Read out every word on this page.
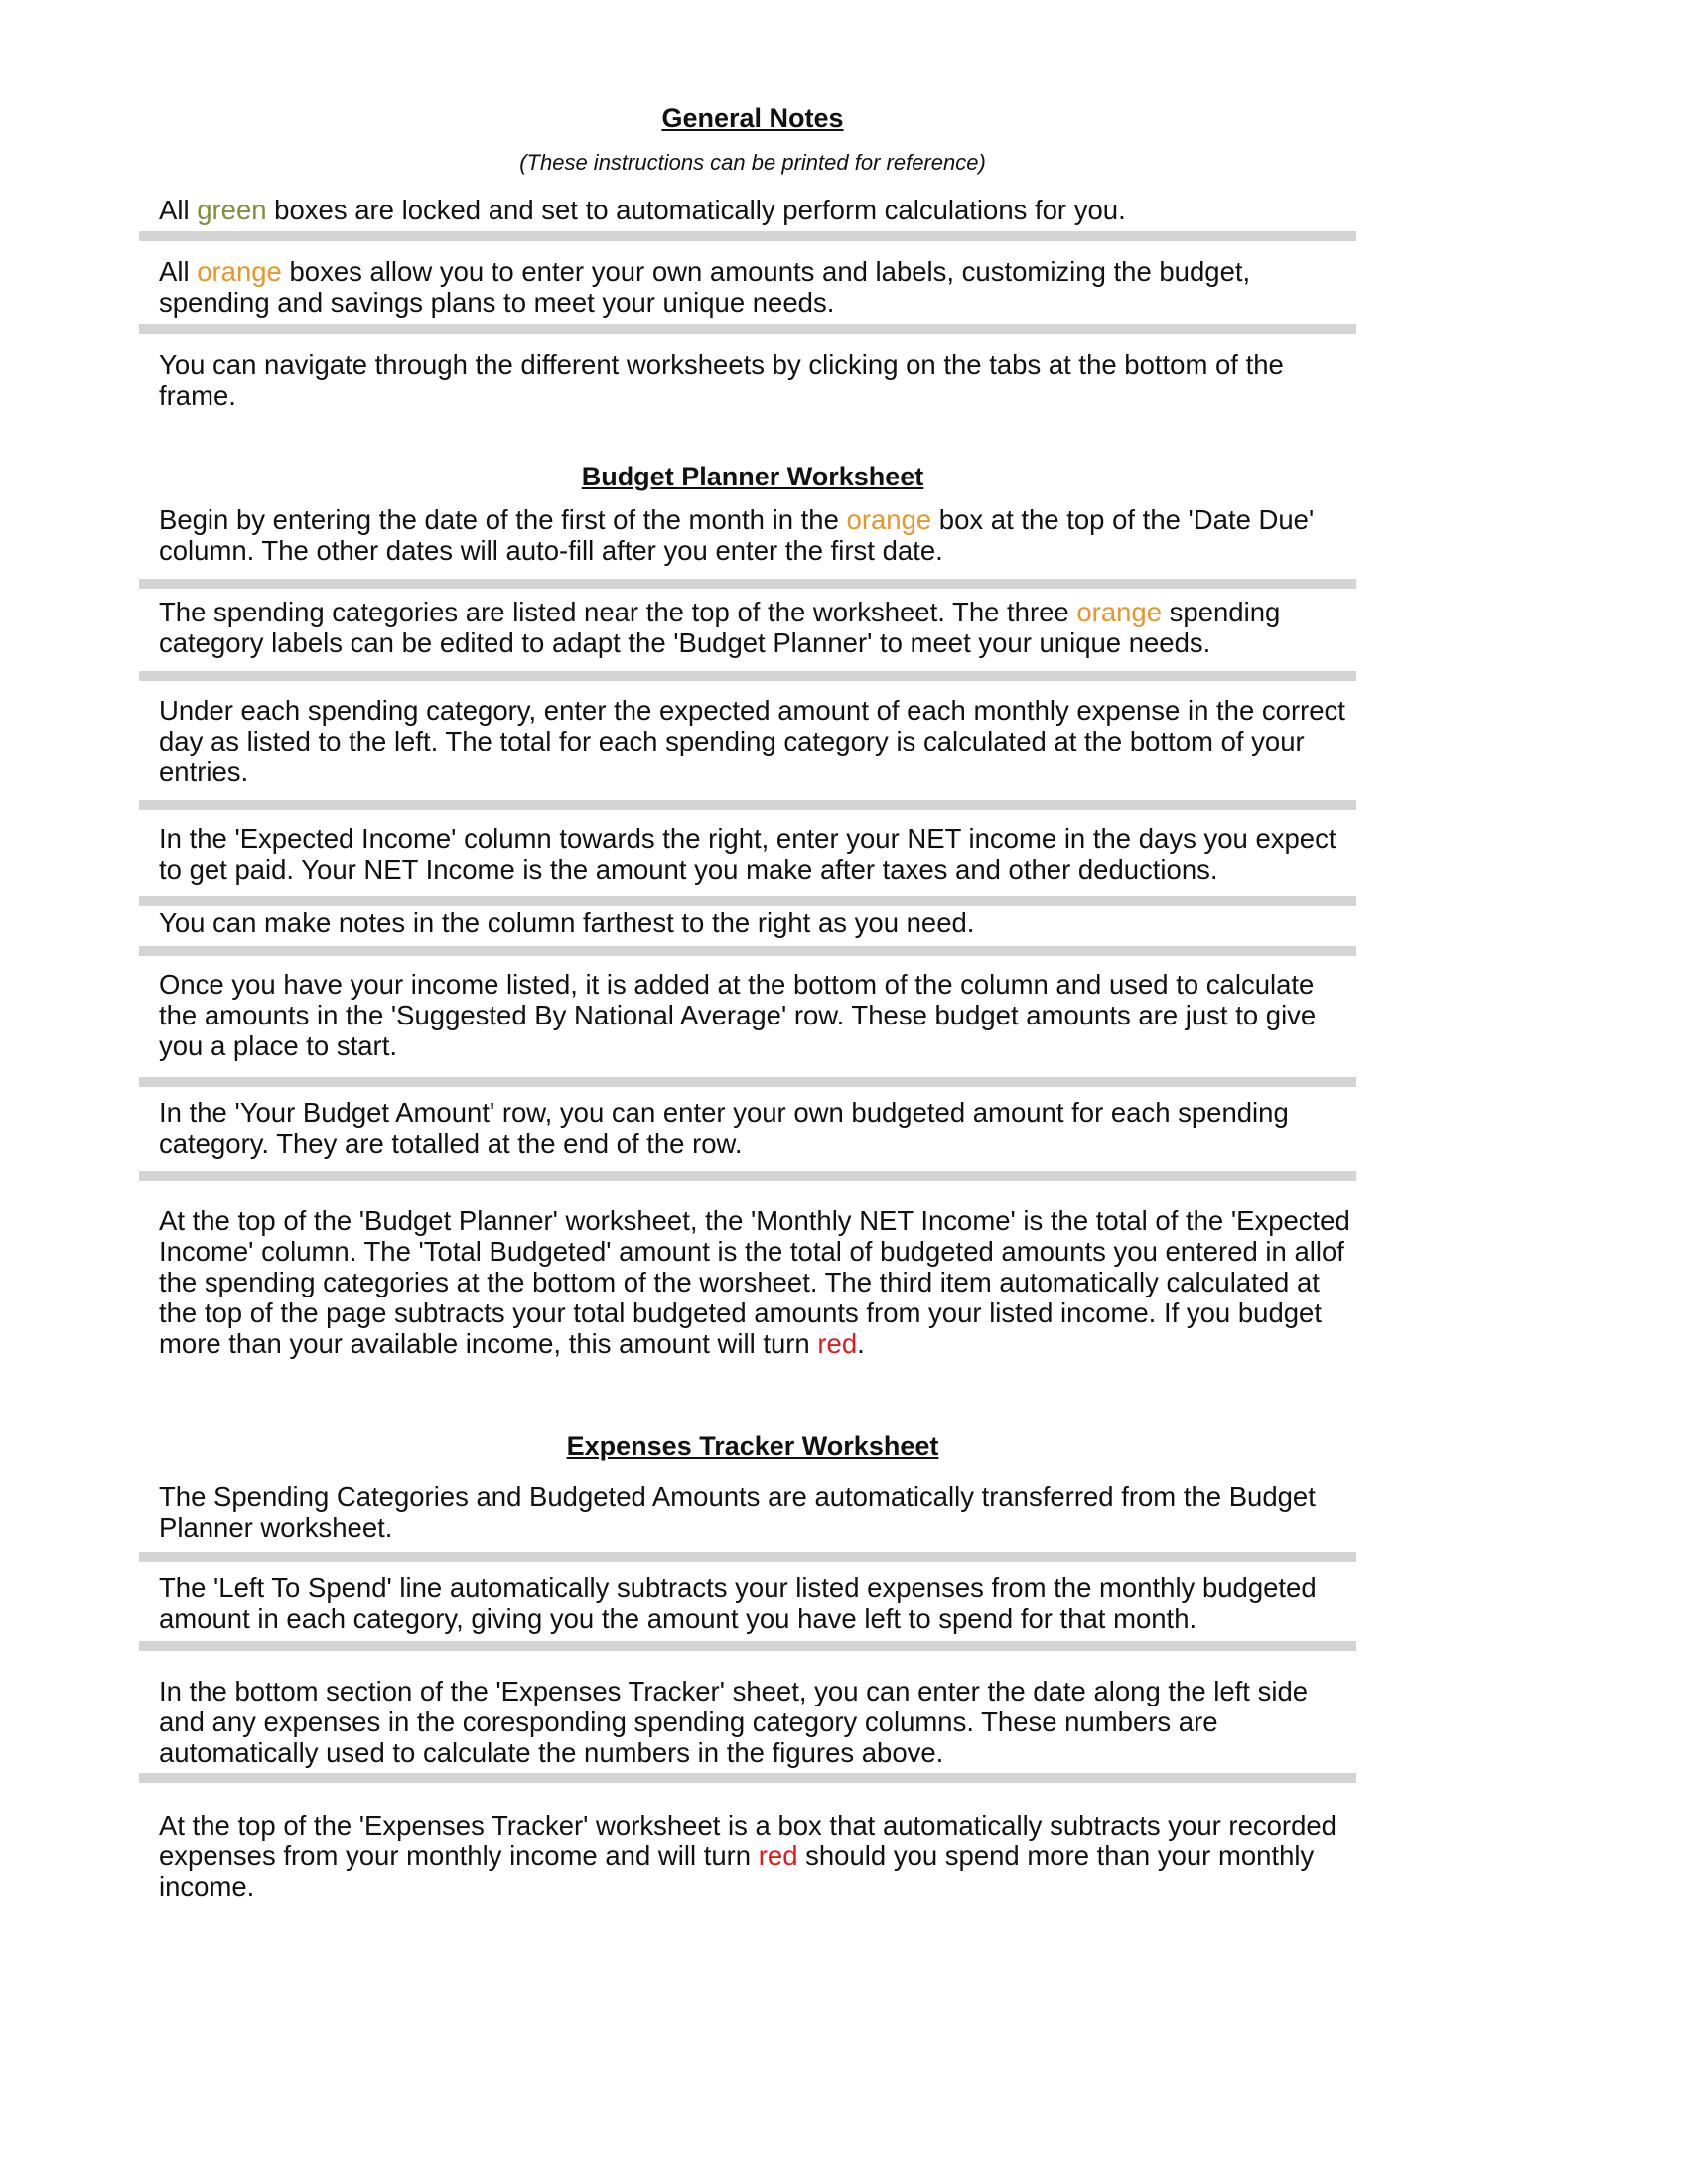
General Notes

(These instructions can be printed for reference)

All green boxes are locked and set to automatically perform calculations for you.

All orange boxes allow you to enter your own amounts and labels, customizing the budget, spending and savings plans to meet your unique needs.

You can navigate through the different worksheets by clicking on the tabs at the bottom of the frame.

Budget Planner Worksheet

Begin by entering the date of the first of the month in the orange box at the top of the 'Date Due' column. The other dates will auto-fill after you enter the first date.

The spending categories are listed near the top of the worksheet. The three orange spending category labels can be edited to adapt the 'Budget Planner' to meet your unique needs.

Under each spending category, enter the expected amount of each monthly expense in the correct day as listed to the left. The total for each spending category is calculated at the bottom of your entries.

In the 'Expected Income' column towards the right, enter your NET income in the days you expect to get paid. Your NET Income is the amount you make after taxes and other deductions.

You can make notes in the column farthest to the right as you need.

Once you have your income listed, it is added at the bottom of the column and used to calculate the amounts in the 'Suggested By National Average' row. These budget amounts are just to give you a place to start.

In the 'Your Budget Amount' row, you can enter your own budgeted amount for each spending category. They are totalled at the end of the row.

At the top of the 'Budget Planner' worksheet, the 'Monthly NET Income' is the total of the 'Expected Income' column. The 'Total Budgeted' amount is the total of budgeted amounts you entered in allof the spending categories at the bottom of the worsheet. The third item automatically calculated at the top of the page subtracts your total budgeted amounts from your listed income. If you budget more than your available income, this amount will turn red.

Expenses Tracker Worksheet

The Spending Categories and Budgeted Amounts are automatically transferred from the Budget Planner worksheet.

The 'Left To Spend' line automatically subtracts your listed expenses from the monthly budgeted amount in each category, giving you the amount you have left to spend for that month.

In the bottom section of the 'Expenses Tracker' sheet, you can enter the date along the left side and any expenses in the coresponding spending category columns. These numbers are automatically used to calculate the numbers in the figures above.

At the top of the 'Expenses Tracker' worksheet is a box that automatically subtracts your recorded expenses from your monthly income and will turn red should you spend more than your monthly income.
